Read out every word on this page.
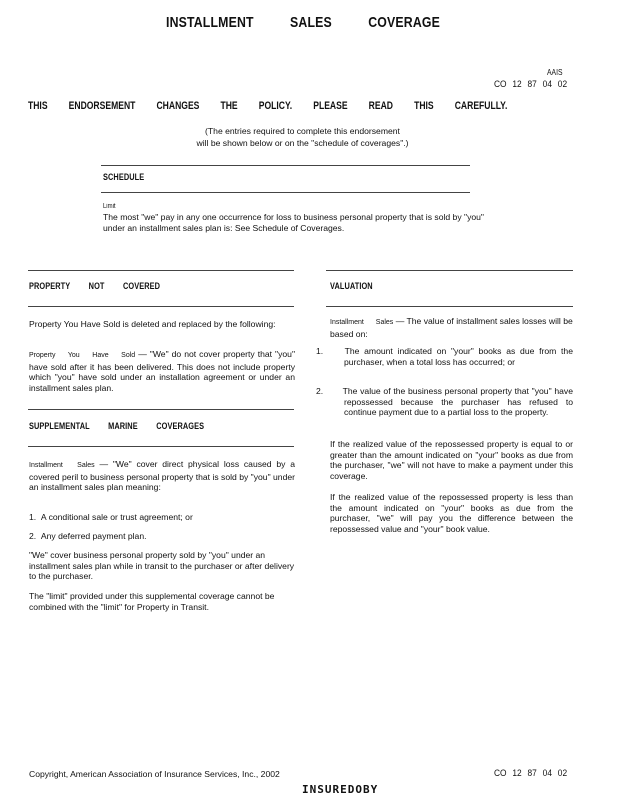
INSTALLMENT SALES COVERAGE
AAIS
CO 12 87 04 02
THIS ENDORSEMENT CHANGES THE POLICY. PLEASE READ THIS CAREFULLY.
(The entries required to complete this endorsement
will be shown below or on the "schedule of coverages".)
SCHEDULE
Limit
The most "we" pay in any one occurrence for loss to business personal property that is sold by "you" under an installment sales plan is: See Schedule of Coverages.
PROPERTY NOT COVERED
Property You Have Sold is deleted and replaced by the following:
Property You Have Sold — "We" do not cover property that "you" have sold after it has been delivered. This does not include property which "you" have sold under an installation agreement or under an installment sales plan.
SUPPLEMENTAL MARINE COVERAGES
Installment Sales — "We" cover direct physical loss caused by a covered peril to business personal property that is sold by "you" under an installment sales plan meaning:
1. A conditional sale or trust agreement; or
2. Any deferred payment plan.
"We" cover business personal property sold by "you" under an installment sales plan while in transit to the purchaser or after delivery to the purchaser.
The "limit" provided under this supplemental coverage cannot be combined with the "limit" for Property in Transit.
VALUATION
Installment Sales — The value of installment sales losses will be based on:
1. The amount indicated on "your" books as due from the purchaser, when a total loss has occurred; or
2. The value of the business personal property that "you" have repossessed because the purchaser has refused to continue payment due to a partial loss to the property.
If the realized value of the repossessed property is equal to or greater than the amount indicated on "your" books as due from the purchaser, "we" will not have to make a payment under this coverage.
If the realized value of the repossessed property is less than the amount indicated on "your" books as due from the purchaser, "we" will pay you the difference between the repossessed value and "your" book value.
Copyright, American Association of Insurance Services, Inc., 2002	CO 12 87 04 02
INSUREDOBY
